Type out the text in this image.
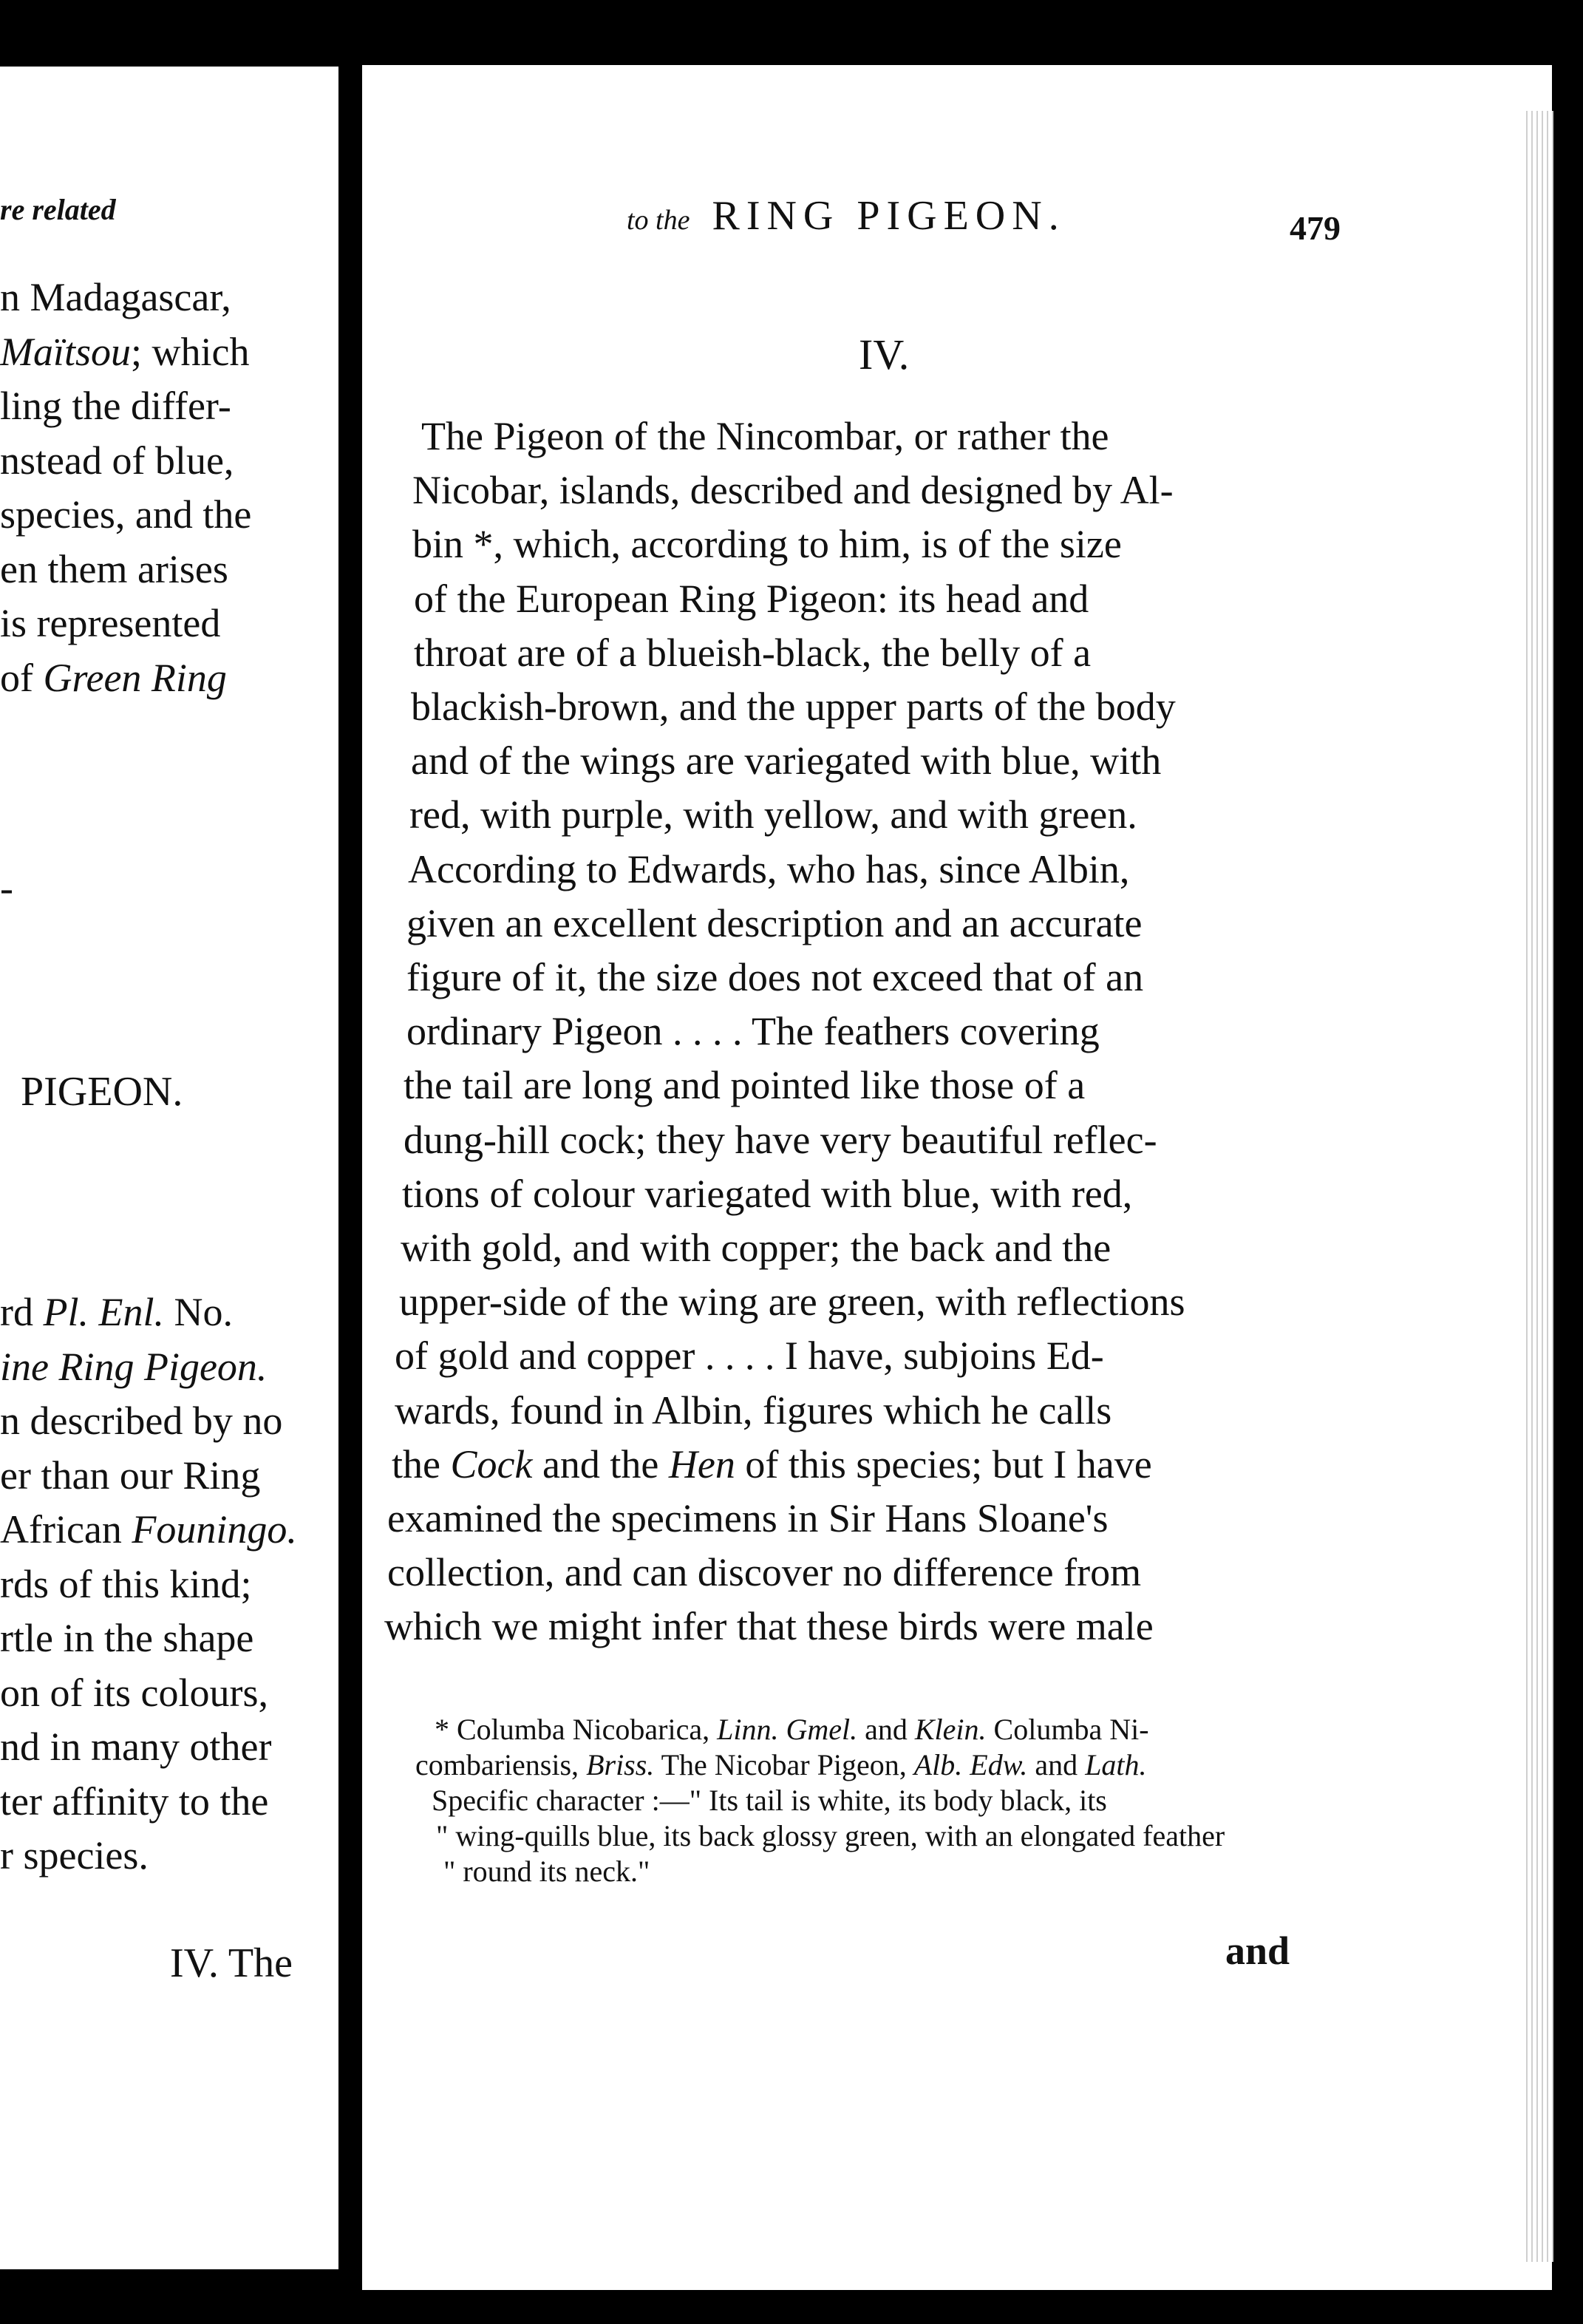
re related
n Madagascar,
Maïtsou; which
ling the differ-
nstead of blue,
species, and the
en them arises
is represented
of Green Ring
-
PIGEON.
rd Pl. Enl. No.
ine Ring Pigeon.
n described by no
er than our Ring
African Founingo.
rds of this kind;
rtle in the shape
on of its colours,
nd in many other
ter affinity to the
r species.
IV. The
to the RING PIGEON.	479
IV.
The Pigeon of the Nincombar, or rather the
Nicobar, islands, described and designed by Al-
bin *, which, according to him, is of the size
of the European Ring Pigeon: its head and
throat are of a blueish-black, the belly of a
blackish-brown, and the upper parts of the body
and of the wings are variegated with blue, with
red, with purple, with yellow, and with green.
According to Edwards, who has, since Albin,
given an excellent description and an accurate
figure of it, the size does not exceed that of an
ordinary Pigeon . . . . The feathers covering
the tail are long and pointed like those of a
dung-hill cock; they have very beautiful reflec-
tions of colour variegated with blue, with red,
with gold, and with copper; the back and the
upper-side of the wing are green, with reflections
of gold and copper . . . . I have, subjoins Ed-
wards, found in Albin, figures which he calls
the Cock and the Hen of this species; but I have
examined the specimens in Sir Hans Sloane's
collection, and can discover no difference from
which we might infer that these birds were male
* Columba Nicobarica, Linn. Gmel. and Klein. Columba Ni-
combariensis, Briss. The Nicobar Pigeon, Alb. Edw. and Lath.
Specific character :—" Its tail is white, its body black, its
" wing-quills blue, its back glossy green, with an elongated feather
" round its neck."
and
